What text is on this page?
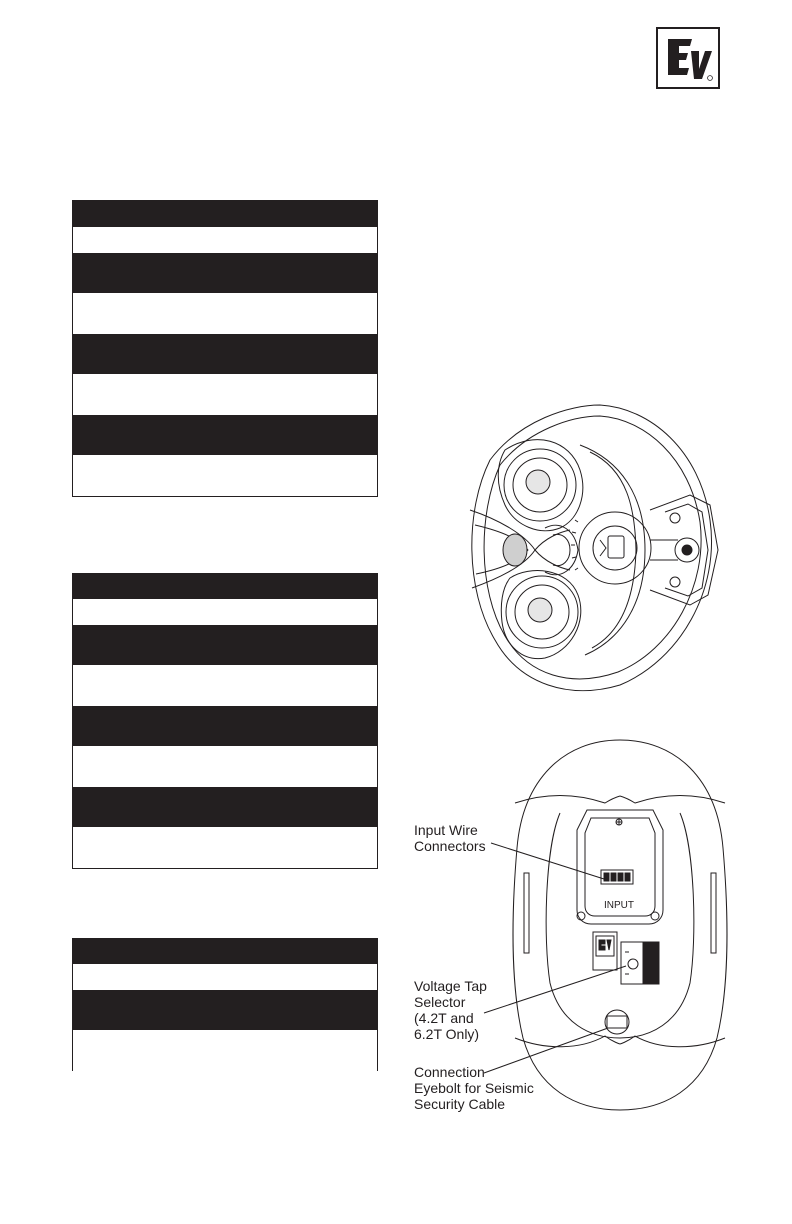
INPUT
Input Wire
Connectors
Voltage Tap
Selector
(4.2T and
6.2T Only)
Connection
Eyebolt for Seismic
Security Cable
